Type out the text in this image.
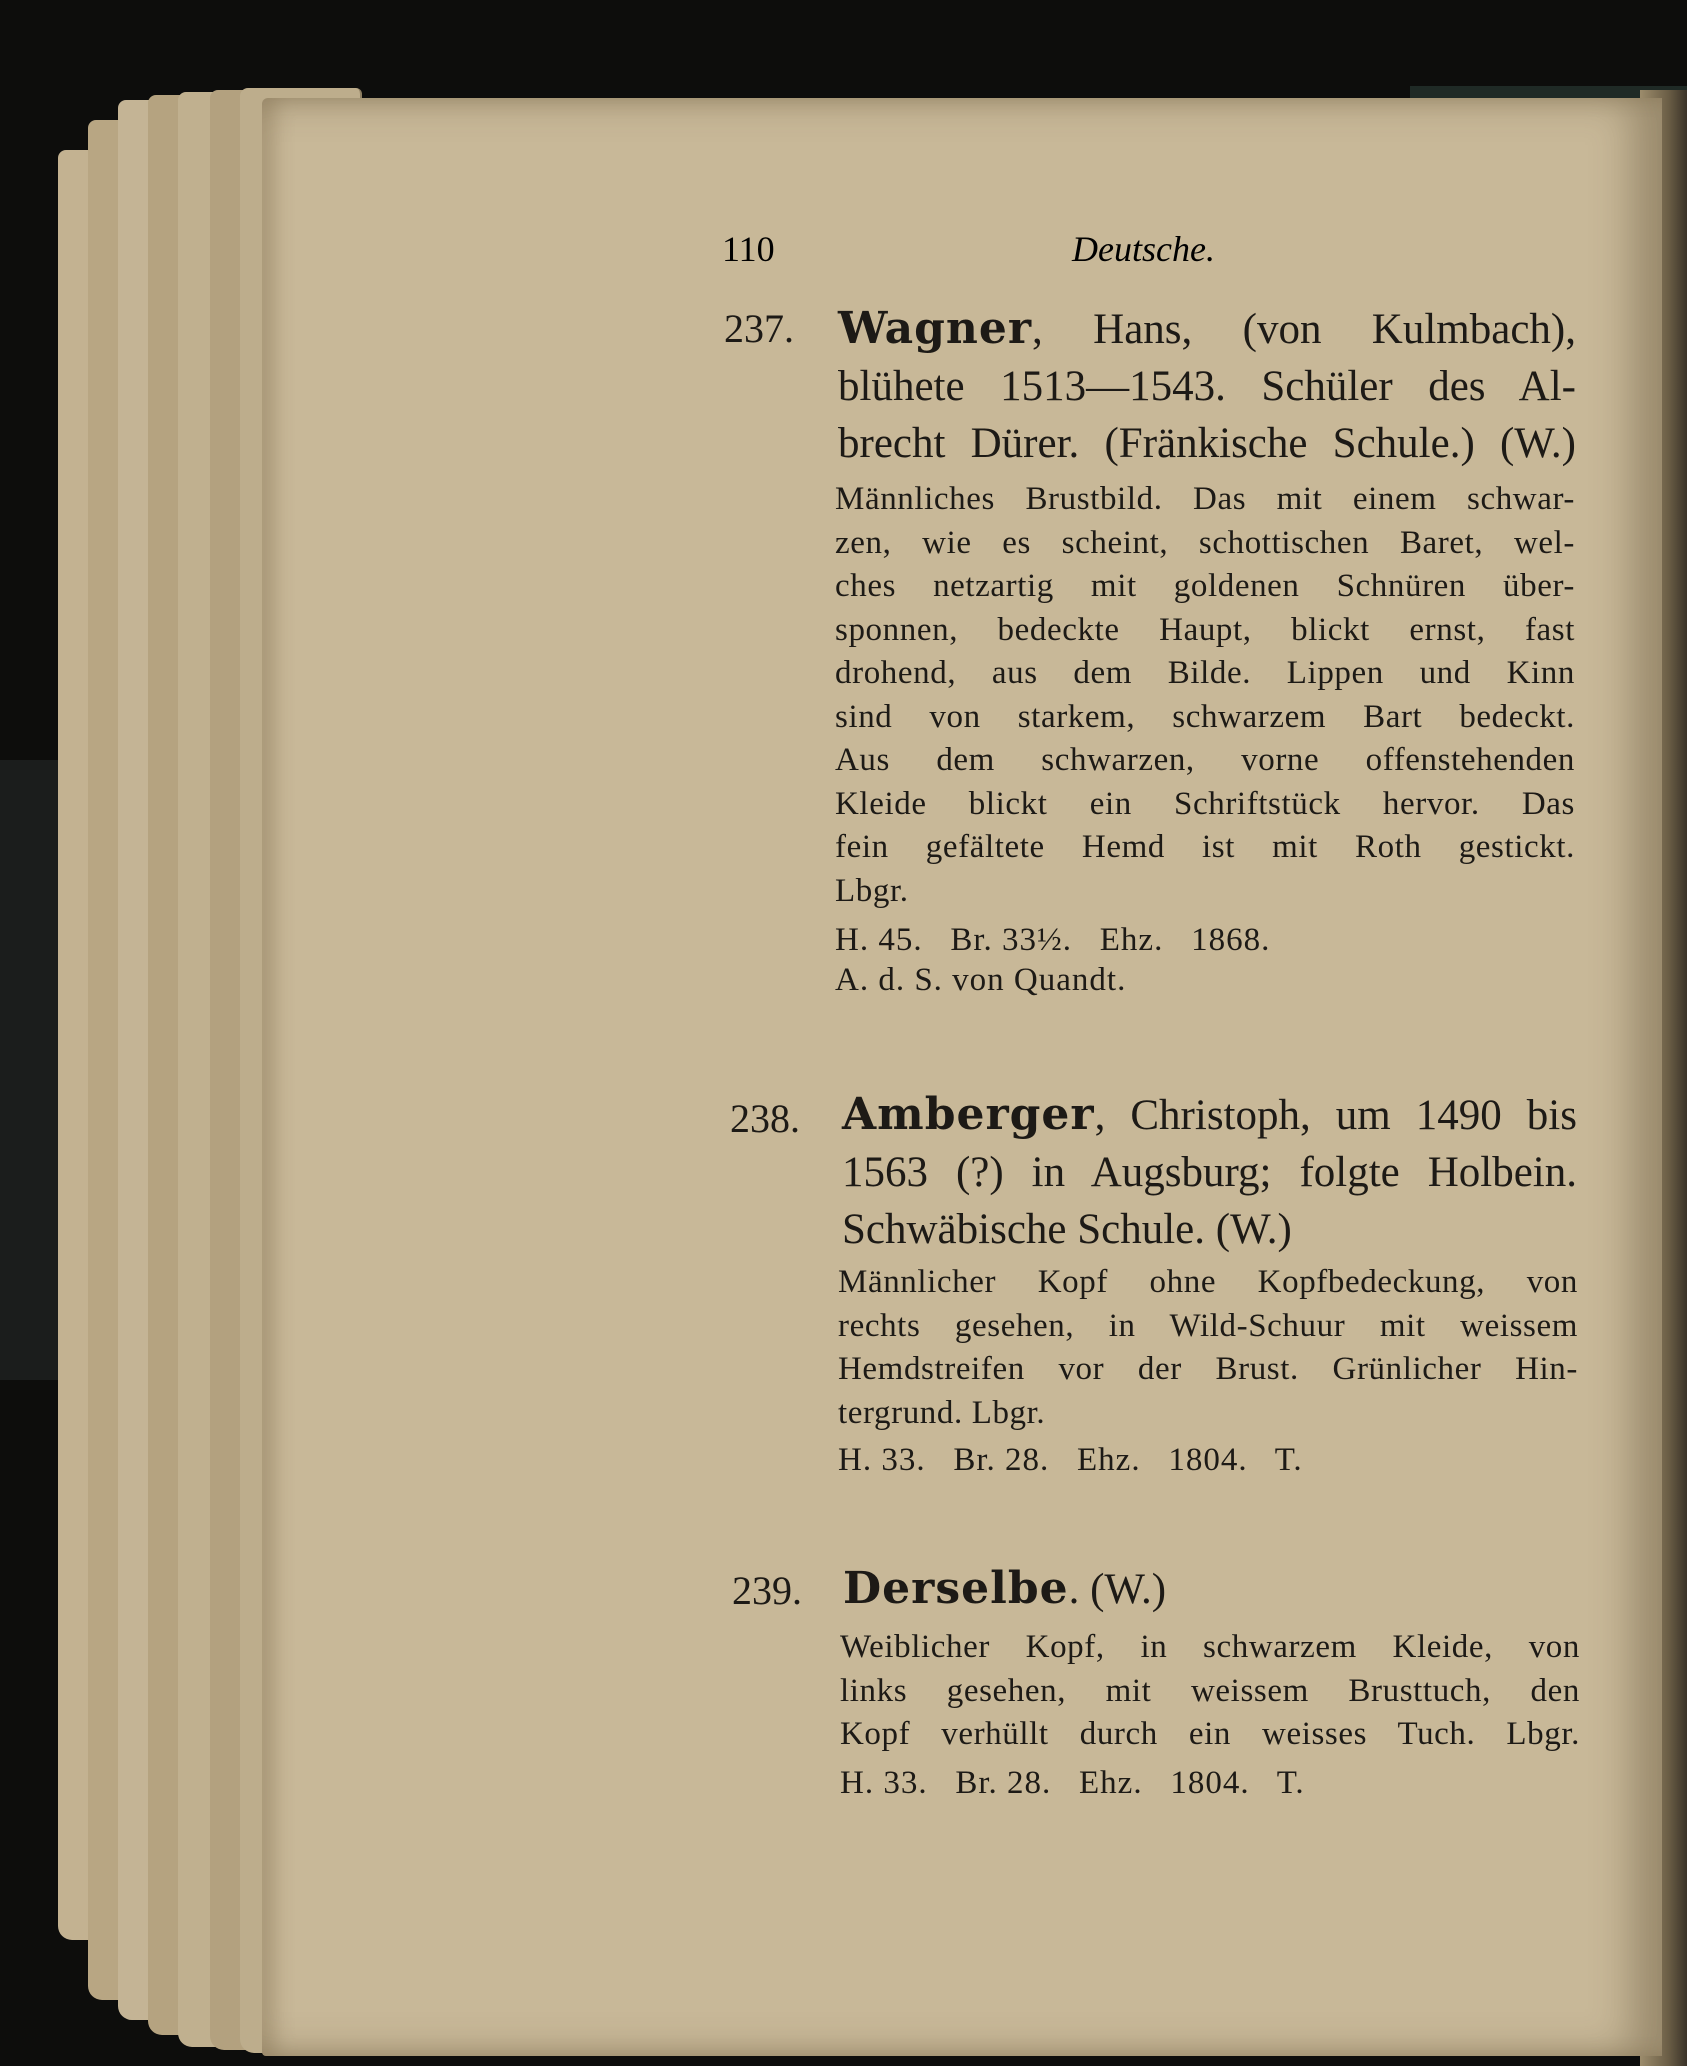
110	Deutsche.
237. Wagner, Hans, (von Kulmbach),
blühete 1513—1543. Schüler des Al-
brecht Dürer. (Fränkische Schule.) (W.)
Männliches Brustbild. Das mit einem schwar-
zen, wie es scheint, schottischen Baret, wel-
ches netzartig mit goldenen Schnüren über-
sponnen, bedeckte Haupt, blickt ernst, fast
drohend, aus dem Bilde. Lippen und Kinn
sind von starkem, schwarzem Bart bedeckt.
Aus dem schwarzen, vorne offenstehenden
Kleide blickt ein Schriftstück hervor. Das
fein gefältete Hemd ist mit Roth gestickt.
Lbgr.
H. 45.   Br. 33½.   Ehz.   1868.
A. d. S. von Quandt.
238. Amberger, Christoph, um 1490 bis
1563 (?) in Augsburg; folgte Holbein.
Schwäbische Schule. (W.)
Männlicher Kopf ohne Kopfbedeckung, von
rechts gesehen, in Wild-Schuur mit weissem
Hemdstreifen vor der Brust. Grünlicher Hin-
tergrund. Lbgr.
H. 33.   Br. 28.   Ehz.   1804.   T.
239. Derselbe. (W.)
Weiblicher Kopf, in schwarzem Kleide, von
links gesehen, mit weissem Brusttuch, den
Kopf verhüllt durch ein weisses Tuch. Lbgr.
H. 33.   Br. 28.   Ehz.   1804.   T.
